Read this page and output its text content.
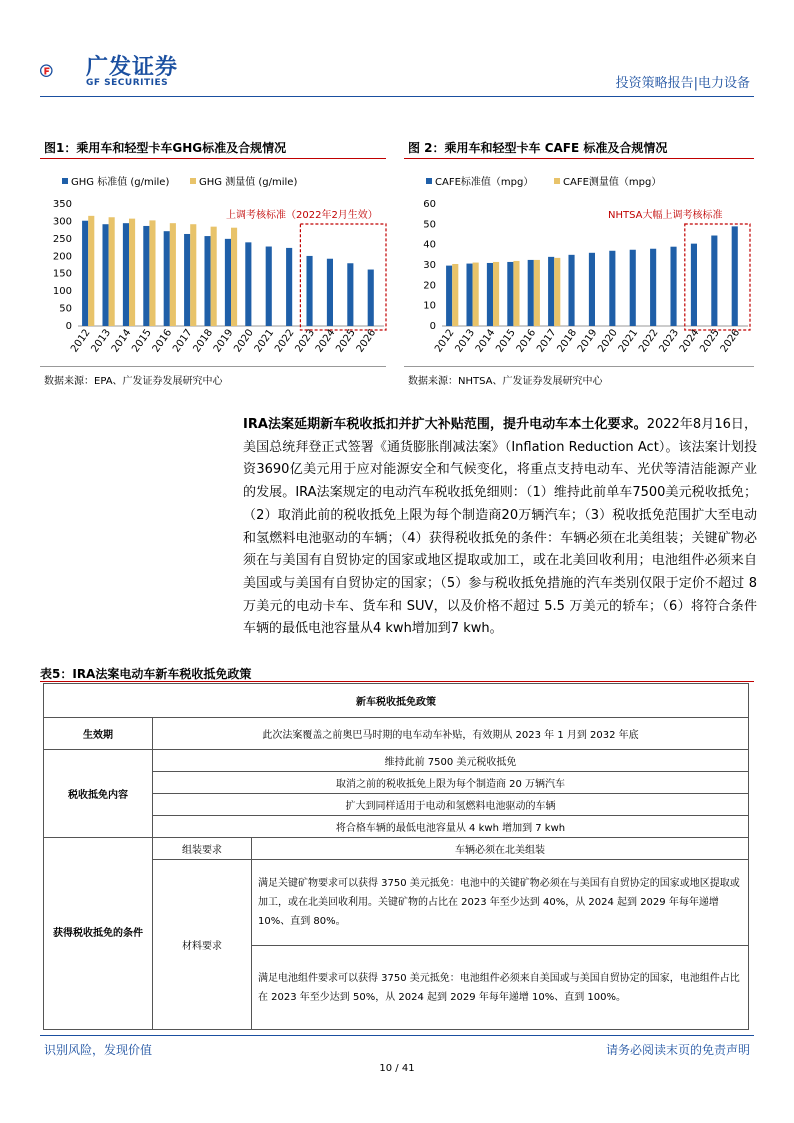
广发证券
GF SECURITIES	投资策略报告|电力设备
图1：乘用车和轻型卡车GHG标准及合规情况
GHG 标准值 (g/mile)	GHG 测量值 (g/mile)
0
50
100
150
200
250
300
350
2012
2013
2014
2015
2016
2017
2018
2019
2020
2021
2022
2023
2024
2025
2026
上调考核标准（2022年2月生效）
数据来源：EPA、广发证券发展研究中心
图 2：乘用车和轻型卡车 CAFE 标准及合规情况
CAFE标准值（mpg）	CAFE测量值（mpg）
0
10
20
30
40
50
60
2012
2013
2014
2015
2016
2017
2018
2019
2020
2021
2022
2023
2024
2025
2026
NHTSA大幅上调考核标准
数据来源：NHTSA、广发证券发展研究中心
IRA法案延期新车税收抵扣并扩大补贴范围，提升电动车本土化要求。2022年8月16日，美国总统拜登正式签署《通货膨胀削减法案》（Inflation Reduction Act）。该法案计划投资3690亿美元用于应对能源安全和气候变化，将重点支持电动车、光伏等清洁能源产业的发展。IRA法案规定的电动汽车税收抵免细则：（1）维持此前单车7500美元税收抵免；（2）取消此前的税收抵免上限为每个制造商20万辆汽车；（3）税收抵免范围扩大至电动和氢燃料电池驱动的车辆；（4）获得税收抵免的条件：车辆必须在北美组装；关键矿物必须在与美国有自贸协定的国家或地区提取或加工，或在北美回收利用；电池组件必须来自美国或与美国有自贸协定的国家；（5）参与税收抵免措施的汽车类别仅限于定价不超过 8 万美元的电动卡车、货车和 SUV，以及价格不超过 5.5 万美元的轿车；（6）将符合条件车辆的最低电池容量从4 kwh增加到7 kwh。
表5：IRA法案电动车新车税收抵免政策
新车税收抵免政策		
生效期	此次法案覆盖之前奥巴马时期的电车动车补贴，有效期从 2023 年 1 月到 2032 年底	
税收抵免内容	维持此前 7500 美元税收抵免	
	取消之前的税收抵免上限为每个制造商 20 万辆汽车	
	扩大到同样适用于电动和氢燃料电池驱动的车辆	
	将合格车辆的最低电池容量从 4 kwh 增加到 7 kwh	
获得税收抵免的条件	组装要求	车辆必须在北美组装
	材料要求	满足关键矿物要求可以获得 3750 美元抵免：电池中的关键矿物必须在与美国有自贸协定的国家或地区提取或加工，或在北美回收利用。关键矿物的占比在 2023 年至少达到 40%，从 2024 起到 2029 年每年递增 10%、直到 80%。
		满足电池组件要求可以获得 3750 美元抵免：电池组件必须来自美国或与美国自贸协定的国家，电池组件占比在 2023 年至少达到 50%，从 2024 起到 2029 年每年递增 10%、直到 100%。
识别风险，发现价值	请务必阅读末页的免责声明
10 / 41
